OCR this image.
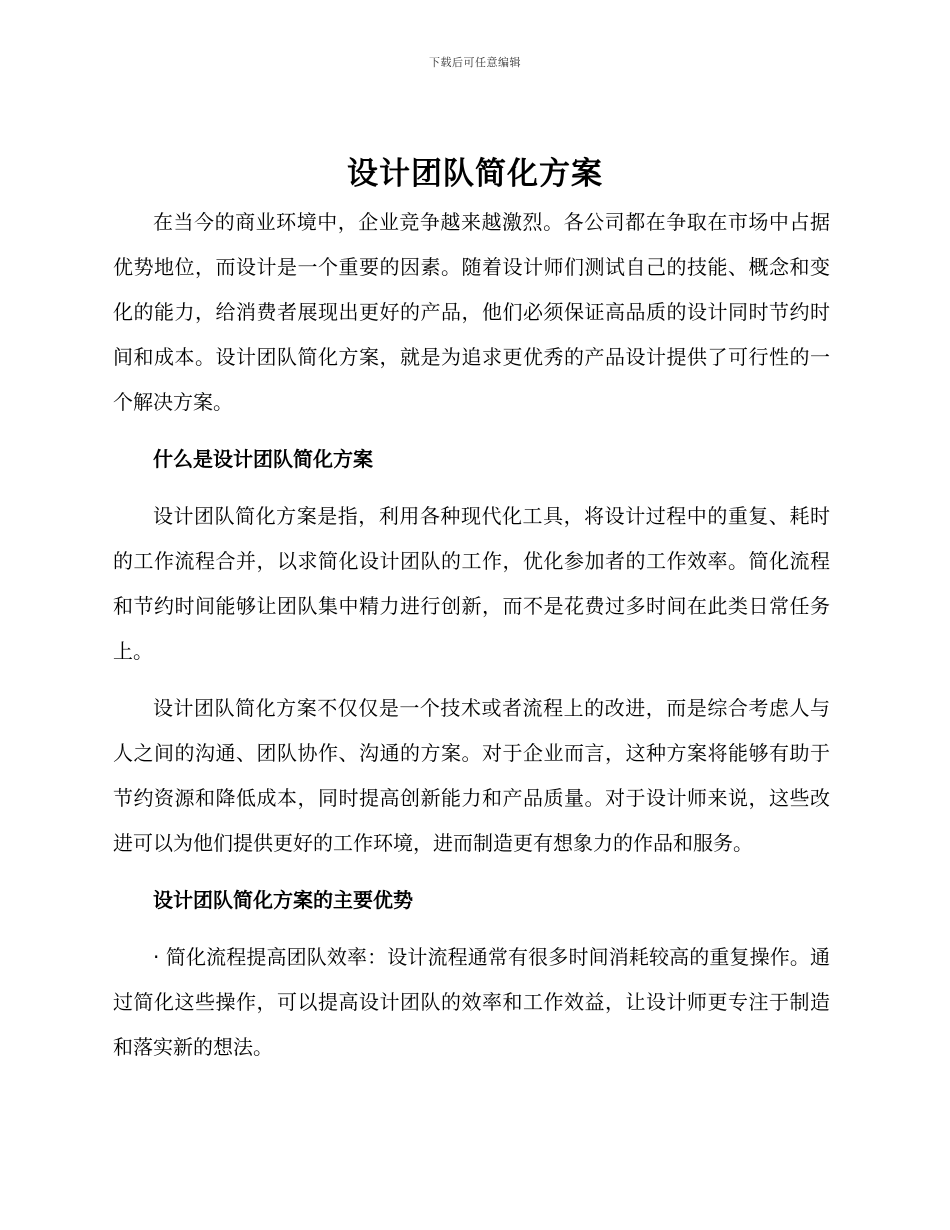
下载后可任意编辑
设计团队简化方案

在当今的商业环境中，企业竞争越来越激烈。各公司都在争取在市场中占据优势地位，而设计是一个重要的因素。随着设计师们测试自己的技能、概念和变化的能力，给消费者展现出更好的产品，他们必须保证高品质的设计同时节约时间和成本。设计团队简化方案，就是为追求更优秀的产品设计提供了可行性的一个解决方案。

什么是设计团队简化方案

设计团队简化方案是指，利用各种现代化工具，将设计过程中的重复、耗时的工作流程合并，以求简化设计团队的工作，优化参加者的工作效率。简化流程和节约时间能够让团队集中精力进行创新，而不是花费过多时间在此类日常任务上。

设计团队简化方案不仅仅是一个技术或者流程上的改进，而是综合考虑人与人之间的沟通、团队协作、沟通的方案。对于企业而言，这种方案将能够有助于节约资源和降低成本，同时提高创新能力和产品质量。对于设计师来说，这些改进可以为他们提供更好的工作环境，进而制造更有想象力的作品和服务。

设计团队简化方案的主要优势

· 简化流程提高团队效率：设计流程通常有很多时间消耗较高的重复操作。通过简化这些操作，可以提高设计团队的效率和工作效益，让设计师更专注于制造和落实新的想法。
